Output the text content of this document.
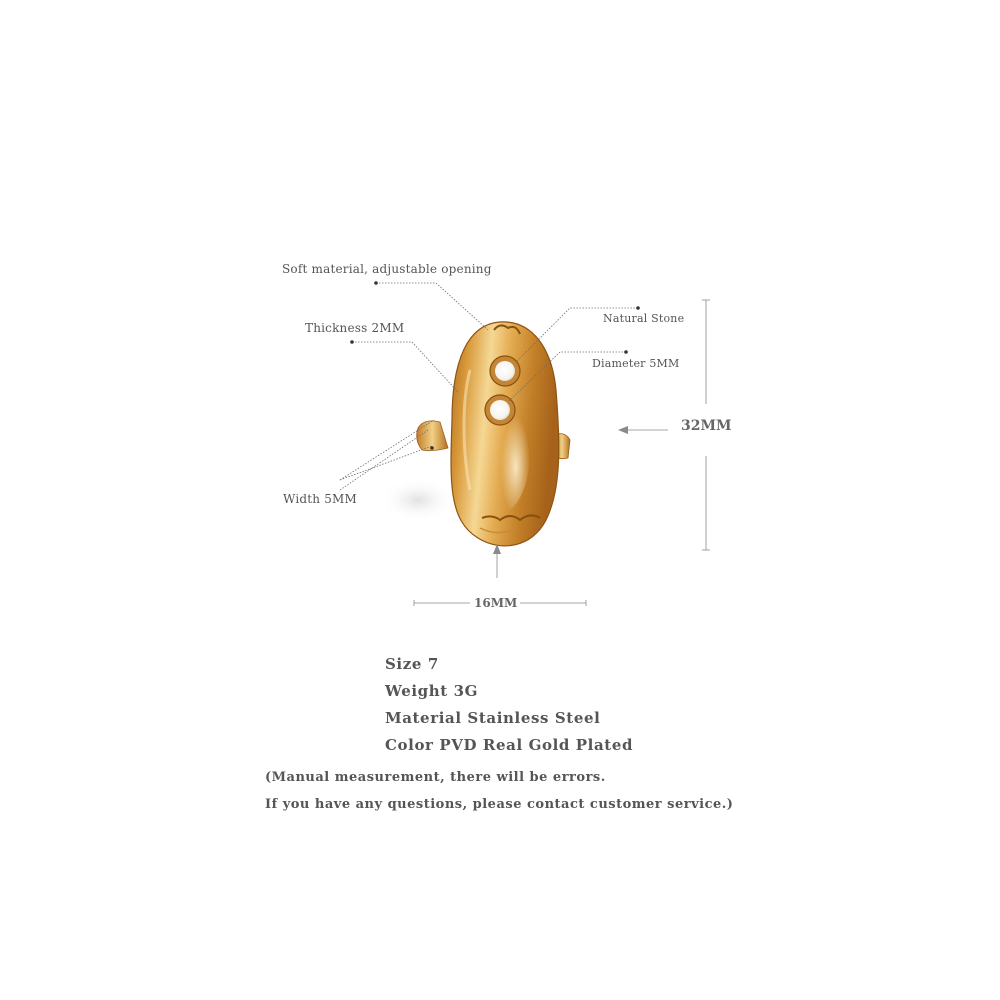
Soft material, adjustable opening
Thickness 2MM
Natural Stone
Diameter 5MM
Width 5MM
32MM
16MM
Size 7
Weight 3G
Material Stainless Steel
Color PVD Real Gold Plated
(Manual measurement, there will be errors.
If you have any questions, please contact customer service.)
